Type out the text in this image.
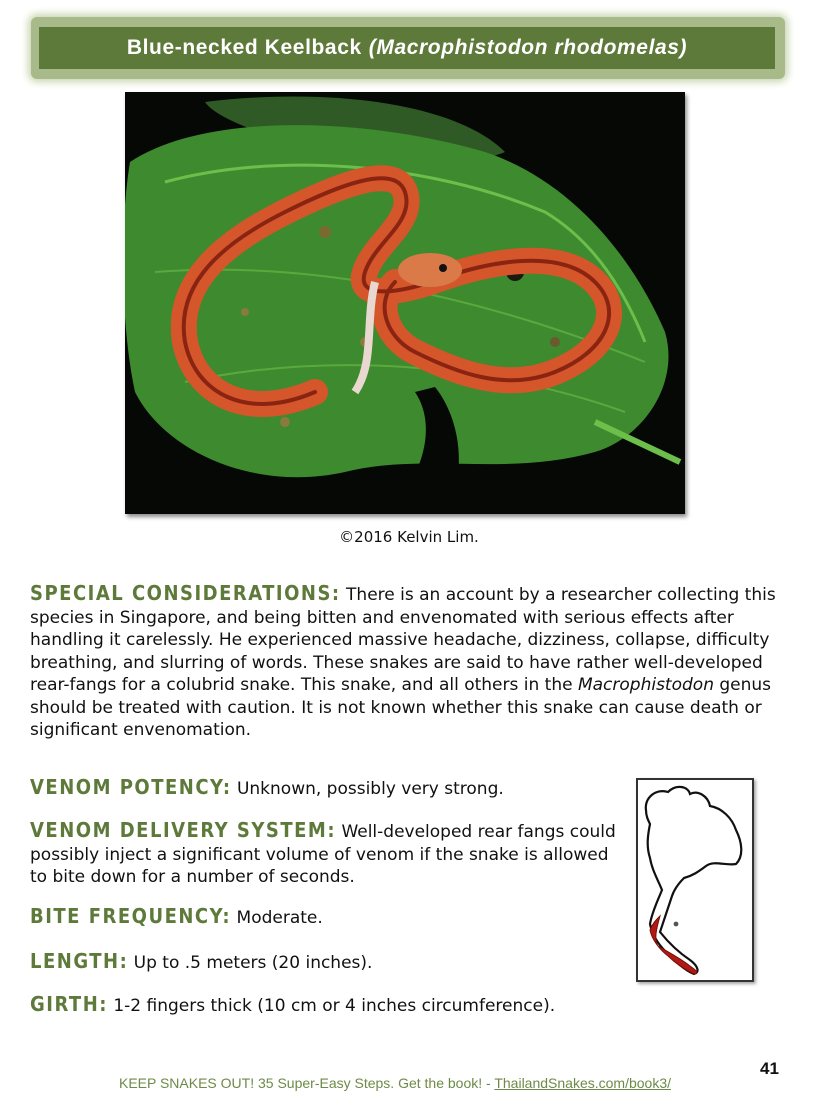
Blue-necked Keelback (Macrophistodon rhodomelas)
©2016 Kelvin Lim.
SPECIAL CONSIDERATIONS: There is an account by a researcher collecting this species in Singapore, and being bitten and envenomated with serious effects after handling it carelessly. He experienced massive headache, dizziness, collapse, difficulty breathing, and slurring of words. These snakes are said to have rather well-developed rear-fangs for a colubrid snake. This snake, and all others in the Macrophistodon genus should be treated with caution. It is not known whether this snake can cause death or significant envenomation.
VENOM POTENCY: Unknown, possibly very strong.
VENOM DELIVERY SYSTEM: Well-developed rear fangs could possibly inject a significant volume of venom if the snake is allowed to bite down for a number of seconds.
BITE FREQUENCY: Moderate.
LENGTH: Up to .5 meters (20 inches).
GIRTH: 1-2 fingers thick (10 cm or 4 inches circumference).
41
KEEP SNAKES OUT! 35 Super-Easy Steps. Get the book! - ThailandSnakes.com/book3/
